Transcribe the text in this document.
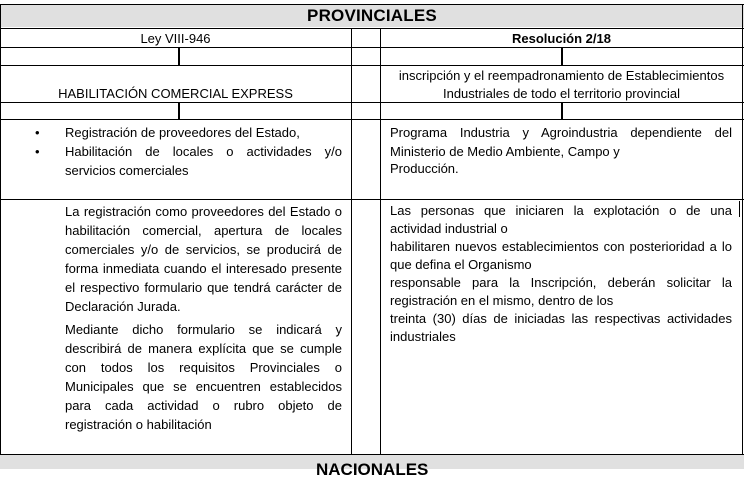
PROVINCIALES
Ley VIII-946	Resolución 2/18
HABILITACIÓN COMERCIAL EXPRESS
inscripción y el reempadronamiento de Establecimientos
Industriales de todo el territorio provincial
• Registración de proveedores del Estado,
• Habilitación de locales o actividades y/o servicios comerciales
Programa Industria y Agroindustria dependiente del Ministerio de Medio Ambiente, Campo y
Producción.
La registración como proveedores del Estado o habilitación comercial, apertura de locales comerciales y/o de servicios, se producirá de forma inmediata cuando el interesado presente el respectivo formulario que tendrá carácter de Declaración Jurada.
Mediante dicho formulario se indicará y describirá de manera explícita que se cumple con todos los requisitos Provinciales o Municipales que se encuentren establecidos para cada actividad o rubro objeto de registración o habilitación
Las personas que iniciaren la explotación o de una actividad industrial o
habilitaren nuevos establecimientos con posterioridad a lo que defina el Organismo
responsable para la Inscripción, deberán solicitar la registración en el mismo, dentro de los
treinta (30) días de iniciadas las respectivas actividades industriales
NACIONALES
